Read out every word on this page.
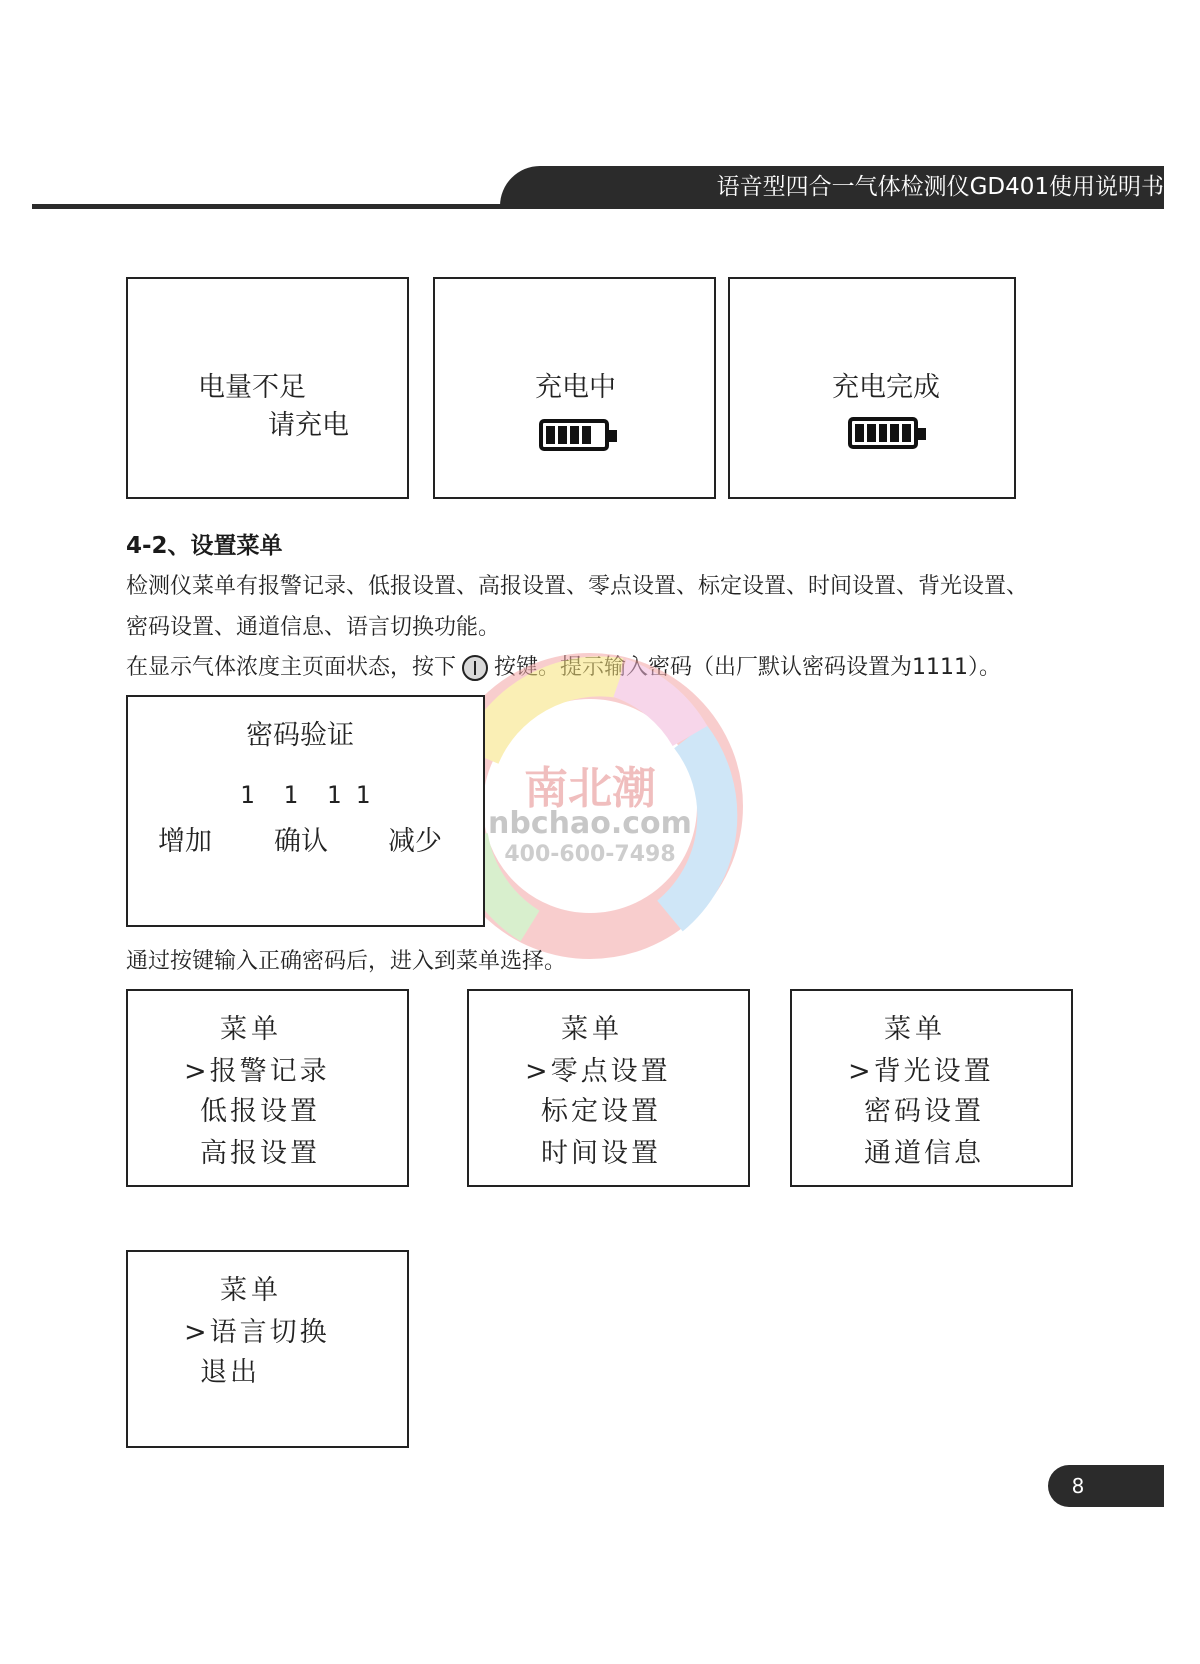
语音型四合一气体检测仪GD401使用说明书
电量不足
请充电
充电中	充电完成
4-2、设置菜单
检测仪菜单有报警记录、低报设置、高报设置、零点设置、标定设置、时间设置、背光设置、
密码设置、通道信息、语言切换功能。
在显示气体浓度主页面状态，按下 按键。提示输入密码（出厂默认密码设置为1111）。
南北潮
nbchao.com
400-600-7498
密码验证
1  1  1 1
增加 确认 减少
通过按键输入正确密码后，进入到菜单选择。
菜单
>报警记录
低报设置
高报设置
菜单
>零点设置
标定设置
时间设置
菜单
>背光设置
密码设置
通道信息
菜单
>语言切换
退出
8
